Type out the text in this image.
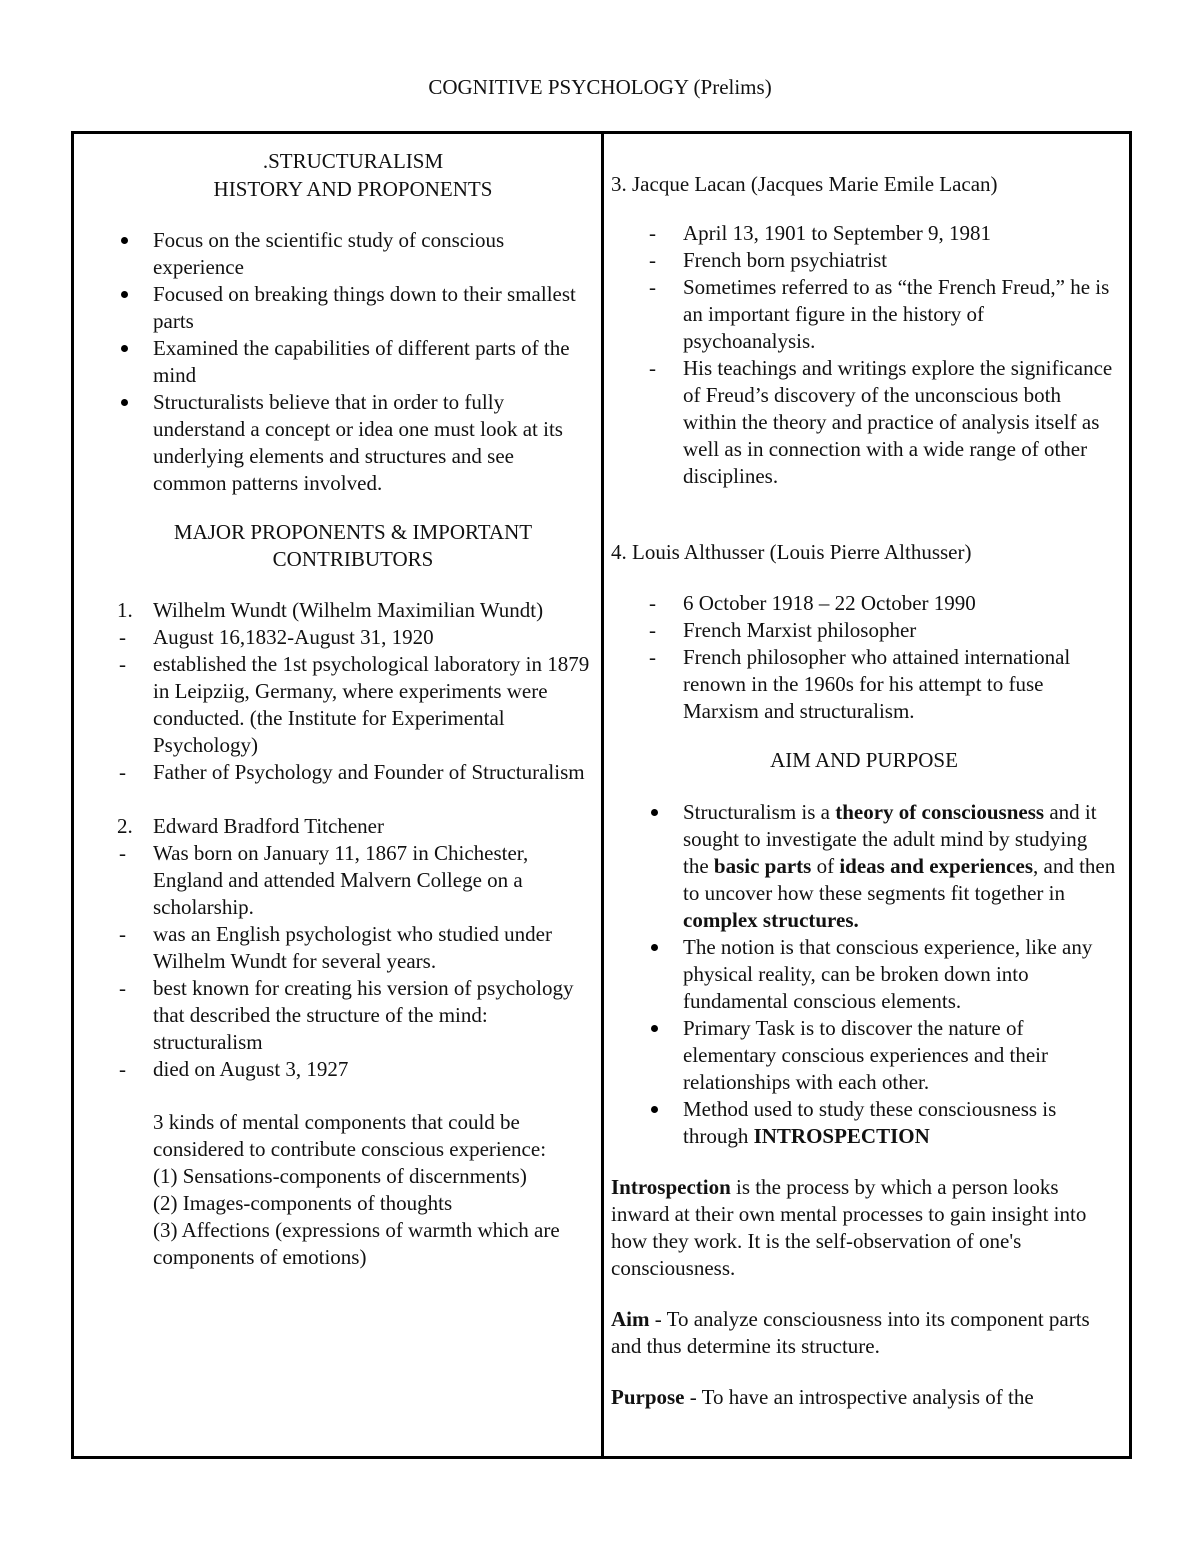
COGNITIVE PSYCHOLOGY (Prelims)

.STRUCTURALISM

HISTORY AND PROPONENTS

Focus on the scientific study of conscious experience
Focused on breaking things down to their smallest parts
Examined the capabilities of different parts of the mind
Structuralists believe that in order to fully understand a concept or idea one must look at its underlying elements and structures and see common patterns involved.

MAJOR PROPONENTS & IMPORTANT

CONTRIBUTORS

1. Wilhelm Wundt (Wilhelm Maximilian Wundt)
August 16,1832-August 31, 1920
established the 1st psychological laboratory in 1879 in Leipziig, Germany, where experiments were conducted. (the Institute for Experimental Psychology)
Father of Psychology and Founder of Structuralism
2. Edward Bradford Titchener
Was born on January 11, 1867 in Chichester, England and attended Malvern College on a scholarship.
was an English psychologist who studied under Wilhelm Wundt for several years.
best known for creating his version of psychology that described the structure of the mind: structuralism
died on August 3, 1927
3 kinds of mental components that could be considered to contribute conscious experience:
(1) Sensations-components of discernments)
(2) Images-components of thoughts
(3) Affections (expressions of warmth which are components of emotions)
3. Jacque Lacan (Jacques Marie Emile Lacan)
April 13, 1901 to September 9, 1981
French born psychiatrist
Sometimes referred to as “the French Freud,” he is an important figure in the history of psychoanalysis.
His teachings and writings explore the significance of Freud’s discovery of the unconscious both within the theory and practice of analysis itself as well as in connection with a wide range of other disciplines.
4. Louis Althusser (Louis Pierre Althusser)
6 October 1918 – 22 October 1990
French Marxist philosopher
French philosopher who attained international renown in the 1960s for his attempt to fuse Marxism and structuralism.

AIM AND PURPOSE

Structuralism is a theory of consciousness and it sought to investigate the adult mind by studying the basic parts of ideas and experiences, and then to uncover how these segments fit together in complex structures.
The notion is that conscious experience, like any physical reality, can be broken down into fundamental conscious elements.
Primary Task is to discover the nature of elementary conscious experiences and their relationships with each other.
Method used to study these consciousness is through INTROSPECTION

Introspection is the process by which a person looks inward at their own mental processes to gain insight into how they work. It is the self-observation of one's consciousness.

Aim - To analyze consciousness into its component parts and thus determine its structure.

Purpose - To have an introspective analysis of the
